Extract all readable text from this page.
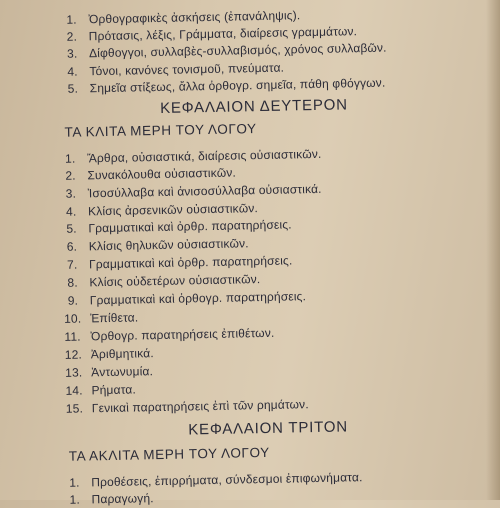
1. Ὀρθογραφικὲς ἀσκήσεις (ἐπανάληψις).
2. Πρότασις, λέξις, Γράμματα, διαίρεσις γραμμάτων.
3. Δίφθογγοι, συλλαβὲς-συλλαβισμός, χρόνος συλλαβῶν.
4. Τόνοι, κανόνες τονισμοῦ, πνεύματα.
5. Σημεῖα στίξεως, ἄλλα ὀρθογρ. σημεῖα, πάθη φθόγγων.
ΚΕΦΑΛΑΙΟΝ ΔΕΥΤΕΡΟΝ
ΤΑ ΚΛΙΤΑ ΜΕΡΗ ΤΟΥ ΛΟΓΟΥ
1. Ἄρθρα, οὐσιαστικά, διαίρεσις οὐσιαστικῶν.
2. Συνακόλουθα οὐσιαστικῶν.
3. Ἰσοσύλλαβα καὶ ἀνισοσύλλαβα οὐσιαστικά.
4. Κλίσις ἀρσενικῶν οὐσιαστικῶν.
5. Γραμματικαὶ καὶ ὀρθρ. παρατηρήσεις.
6. Κλίσις θηλυκῶν οὐσιαστικῶν.
7. Γραμματικαὶ καὶ ὀρθρ. παρατηρήσεις.
8. Κλίσις οὐδετέρων οὐσιαστικῶν.
9. Γραμματικαὶ καὶ ὀρθογρ. παρατηρήσεις.
10. Ἐπίθετα.
11. Ὀρθογρ. παρατηρήσεις ἐπιθέτων.
12. Ἀριθμητικά.
13. Ἀντωνυμία.
14. Ρήματα.
15. Γενικαὶ παρατηρήσεις ἐπὶ τῶν ρημάτων.
ΚΕΦΑΛΑΙΟΝ ΤΡΙΤΟΝ
ΤΑ ΑΚΛΙΤΑ ΜΕΡΗ ΤΟΥ ΛΟΓΟΥ
1. Προθέσεις, ἐπιρρήματα, σύνδεσμοι ἐπιφωνήματα.
1. Παραγωγή.
